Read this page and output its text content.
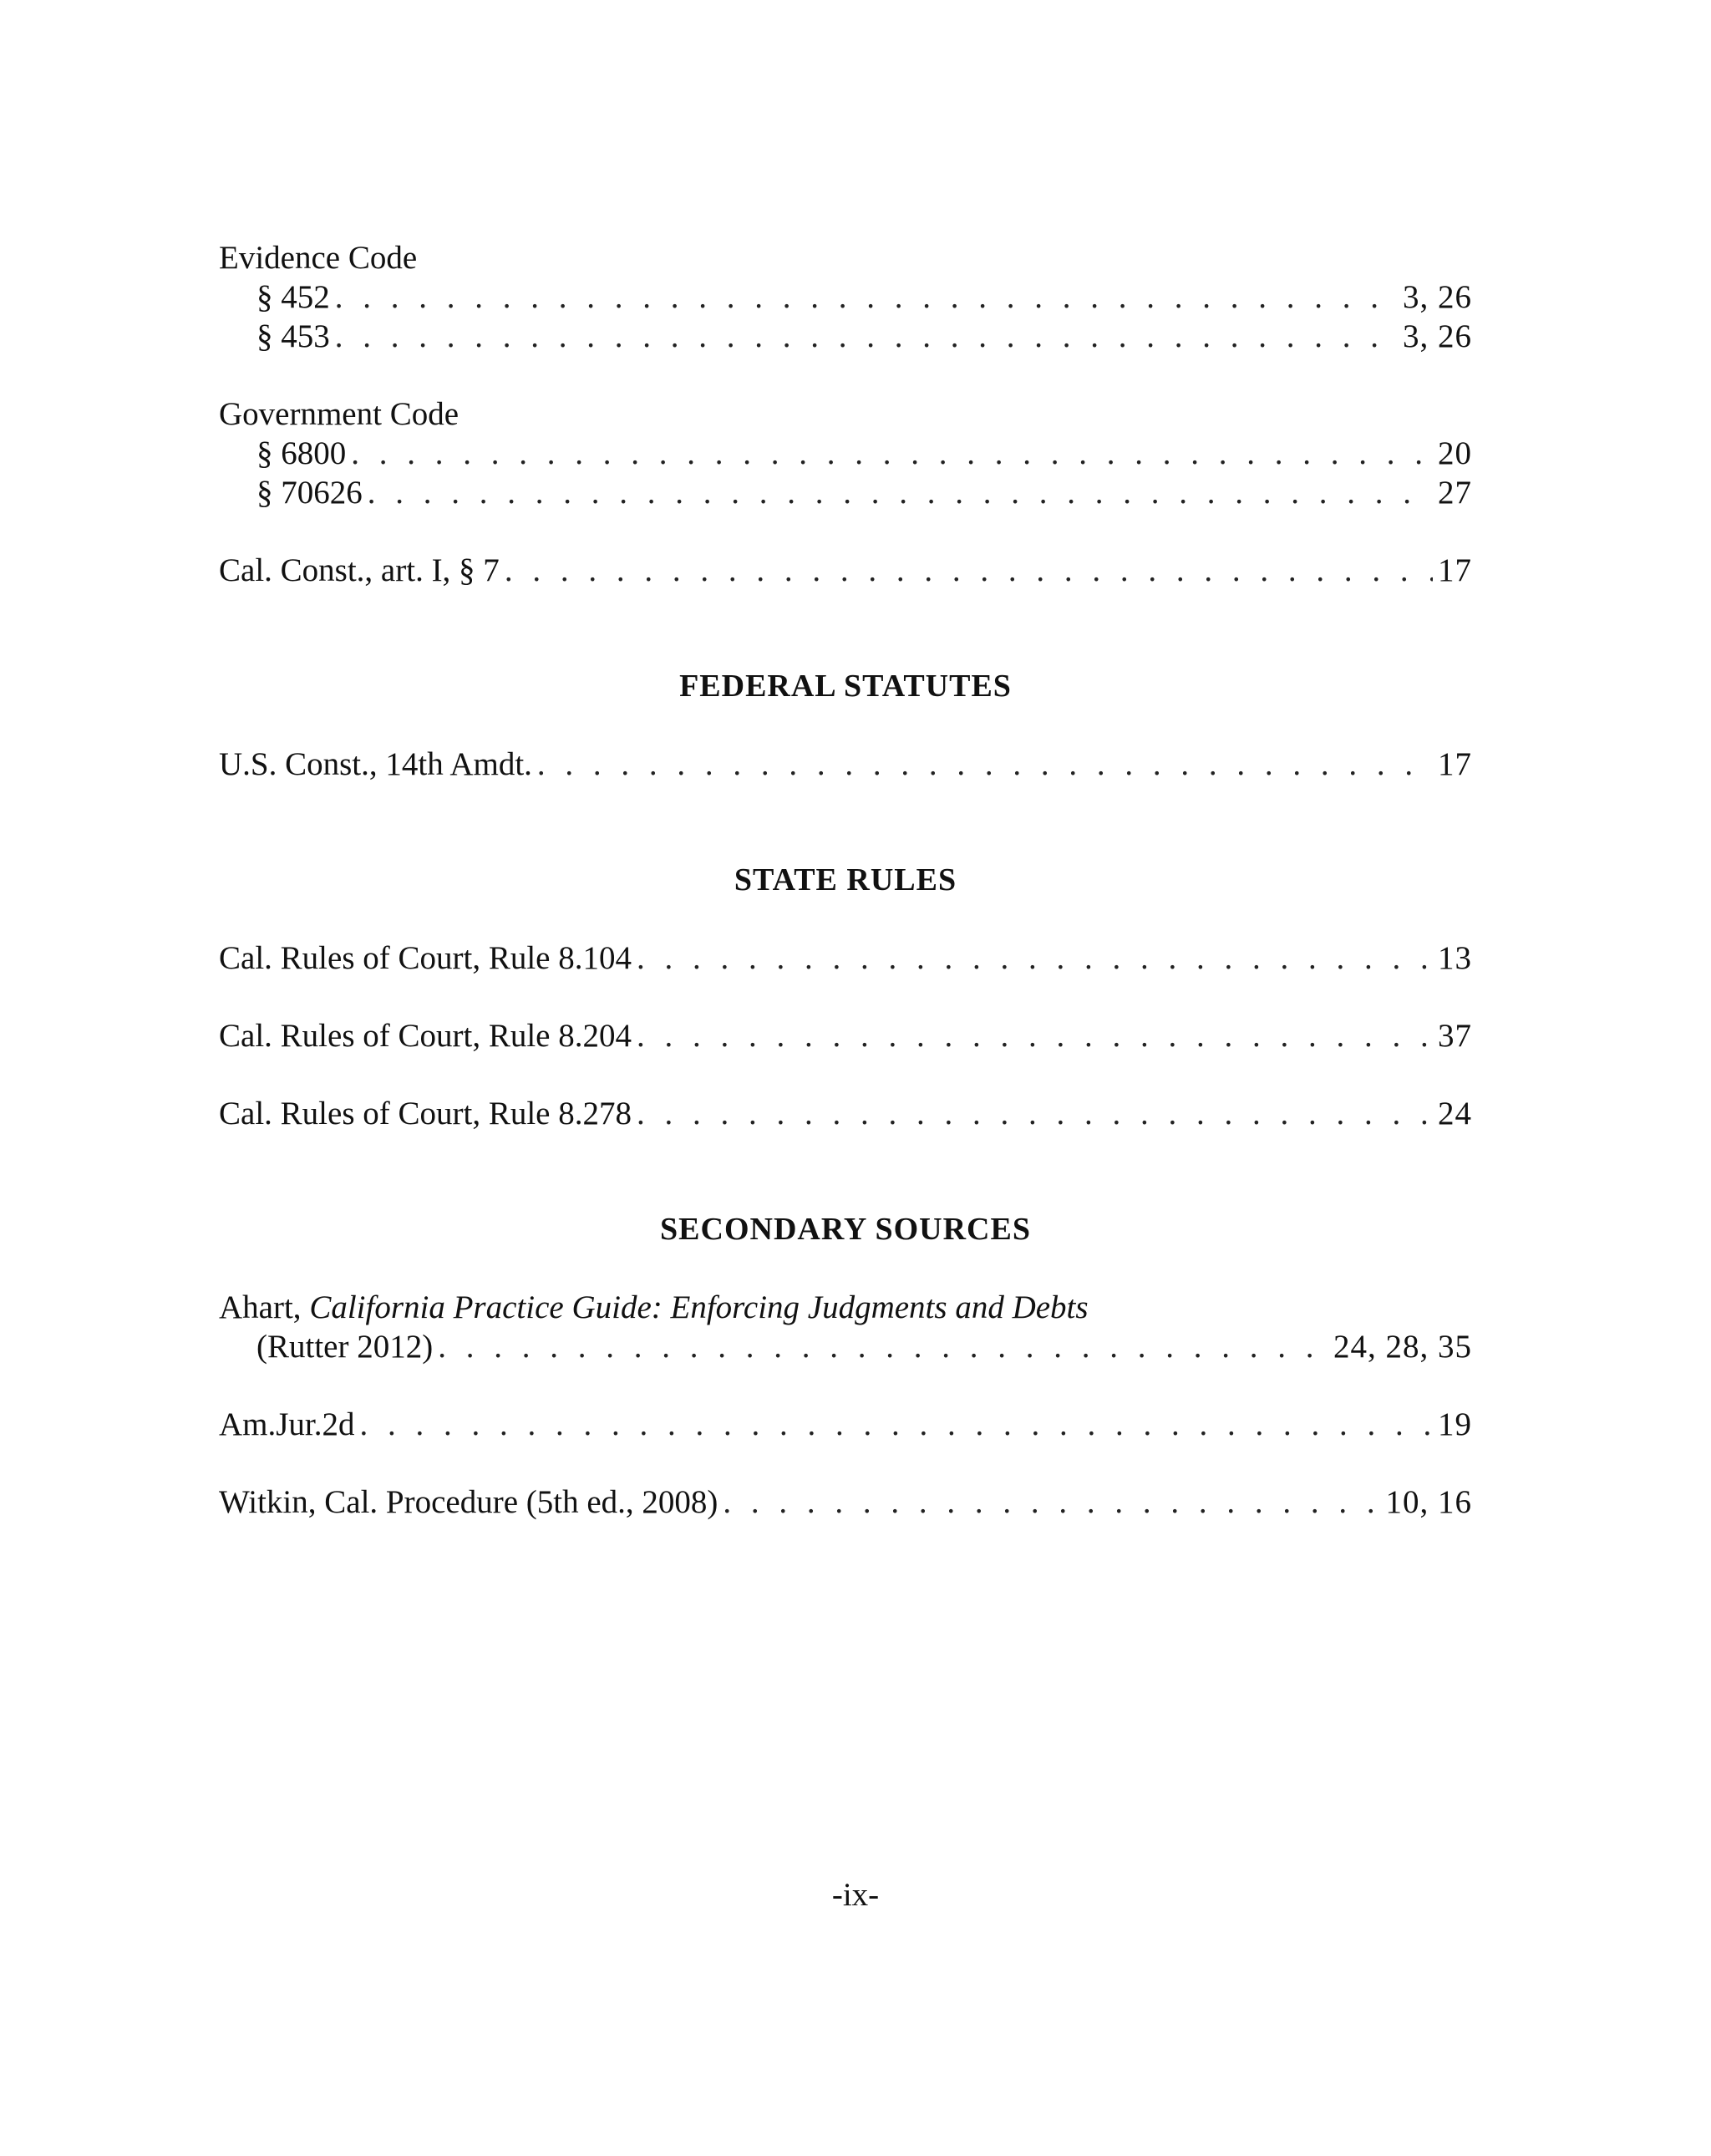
Evidence Code
§ 452 . . .	3, 26
§ 453 . . .	3, 26
Government Code
§ 6800 . . .	20
§ 70626 . . .	27
Cal. Const., art. I, § 7 . . .	17
FEDERAL STATUTES
U.S. Const., 14th Amdt. . . .	17
STATE RULES
Cal. Rules of Court, Rule 8.104 . . .	13
Cal. Rules of Court, Rule 8.204 . . .	37
Cal. Rules of Court, Rule 8.278 . . .	24
SECONDARY SOURCES
Ahart,
California Practice Guide: Enforcing Judgments and Debts
(Rutter 2012) . . .	24, 28, 35
Am.Jur.2d . . .	19
Witkin, Cal. Procedure (5th ed., 2008) . . .	10, 16
-ix-
